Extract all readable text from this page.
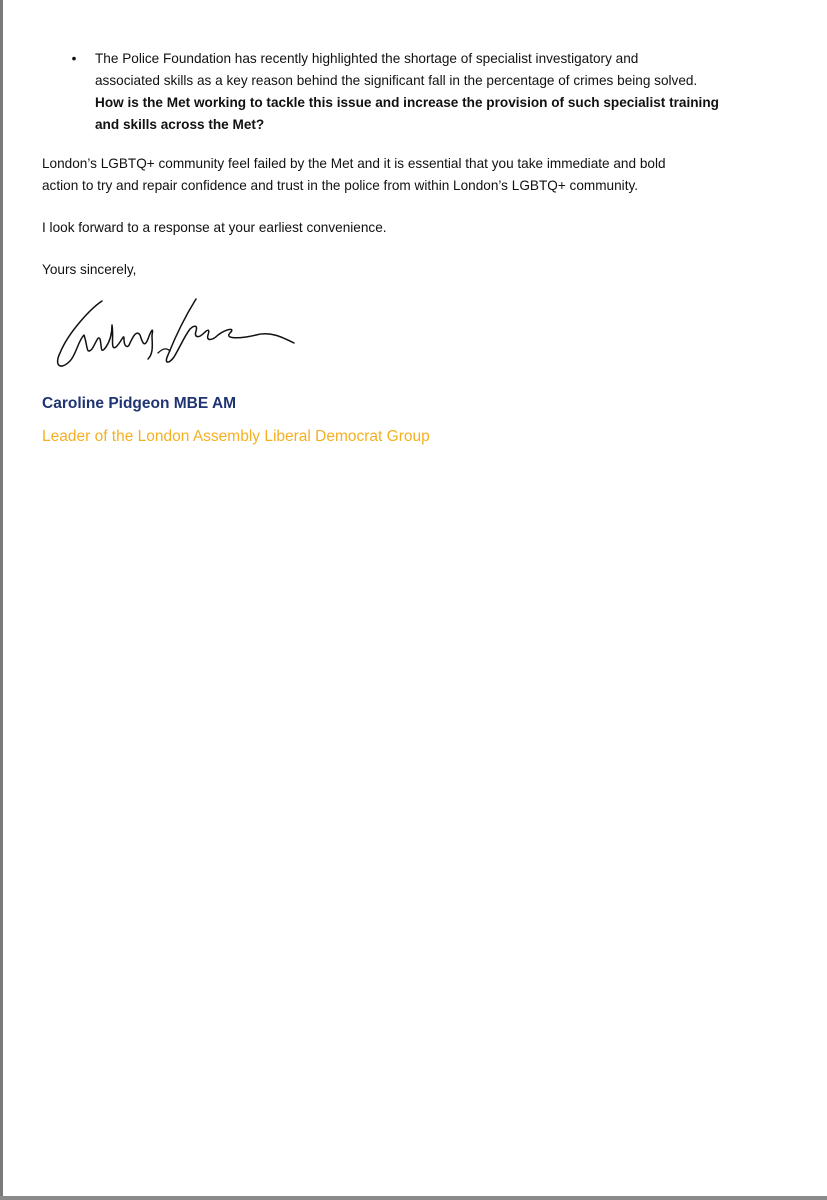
•	The Police Foundation has recently highlighted the shortage of specialist investigatory and
associated skills as a key reason behind the significant fall in the percentage of crimes being solved.
How is the Met working to tackle this issue and increase the provision of such specialist training
and skills across the Met?
London’s LGBTQ+ community feel failed by the Met and it is essential that you take immediate and bold
action to try and repair confidence and trust in the police from within London’s LGBTQ+ community.
I look forward to a response at your earliest convenience.
Yours sincerely,
Caroline Pidgeon MBE AM
Leader of the London Assembly Liberal Democrat Group
